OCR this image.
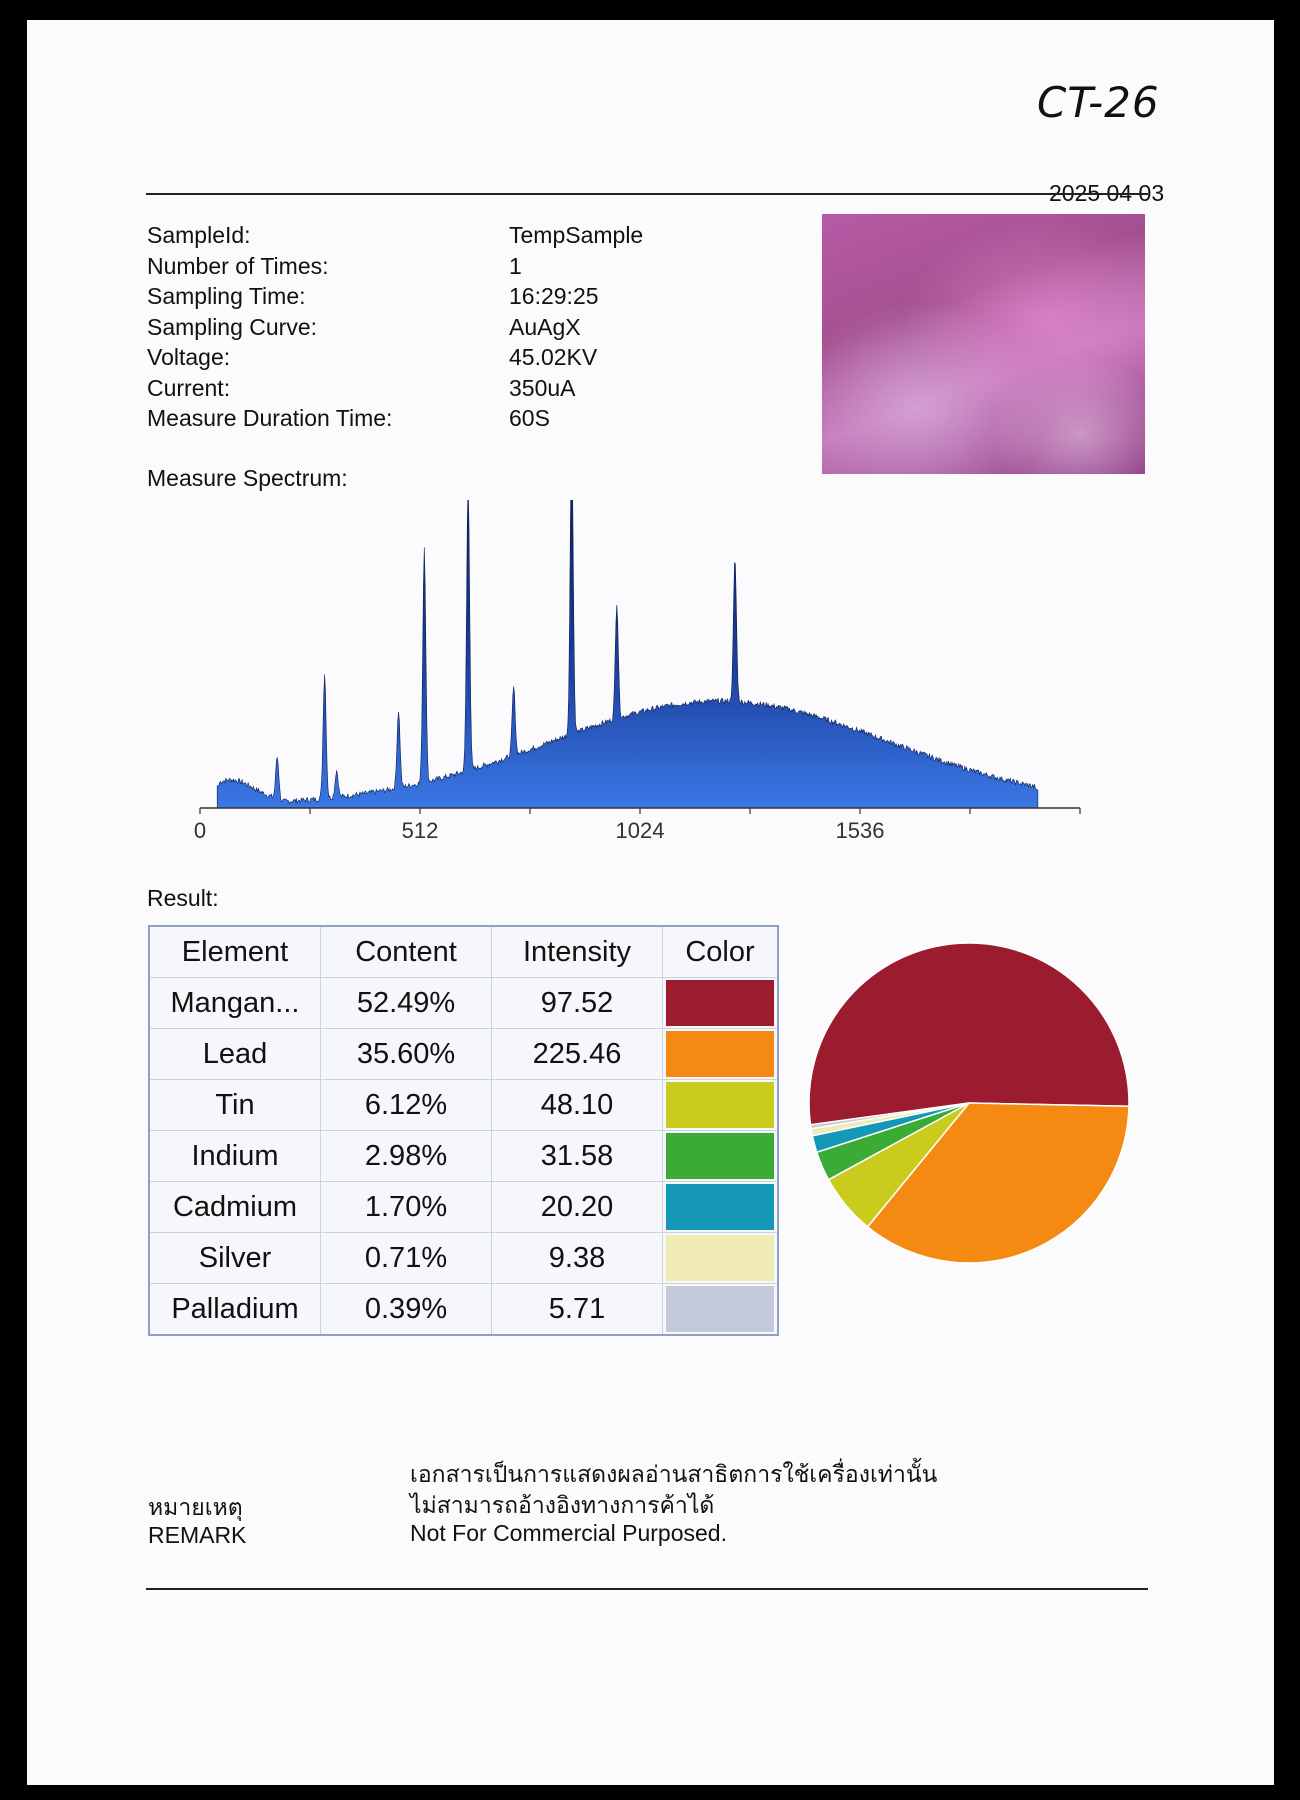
CT-26
2025 04 03
SampleId:	TempSample
Number of Times:	1
Sampling Time:	16:29:25
Sampling Curve:	AuAgX
Voltage:	45.02KV
Current:	350uA
Measure Duration Time:	60S
Measure Spectrum:
0	512	1024	1536
Result:
Element	Content	Intensity	Color
Mangan...	52.49%	97.52	

Lead	35.60%	225.46	

Tin	6.12%	48.10	

Indium	2.98%	31.58	

Cadmium	1.70%	20.20	

Silver	0.71%	9.38	

Palladium	0.39%	5.71	
เอกสารเป็นการแสดงผลอ่านสาธิตการใช้เครื่องเท่านั้น
ไม่สามารถอ้างอิงทางการค้าได้
หมายเหตุ
Not For Commercial Purposed.
REMARK
